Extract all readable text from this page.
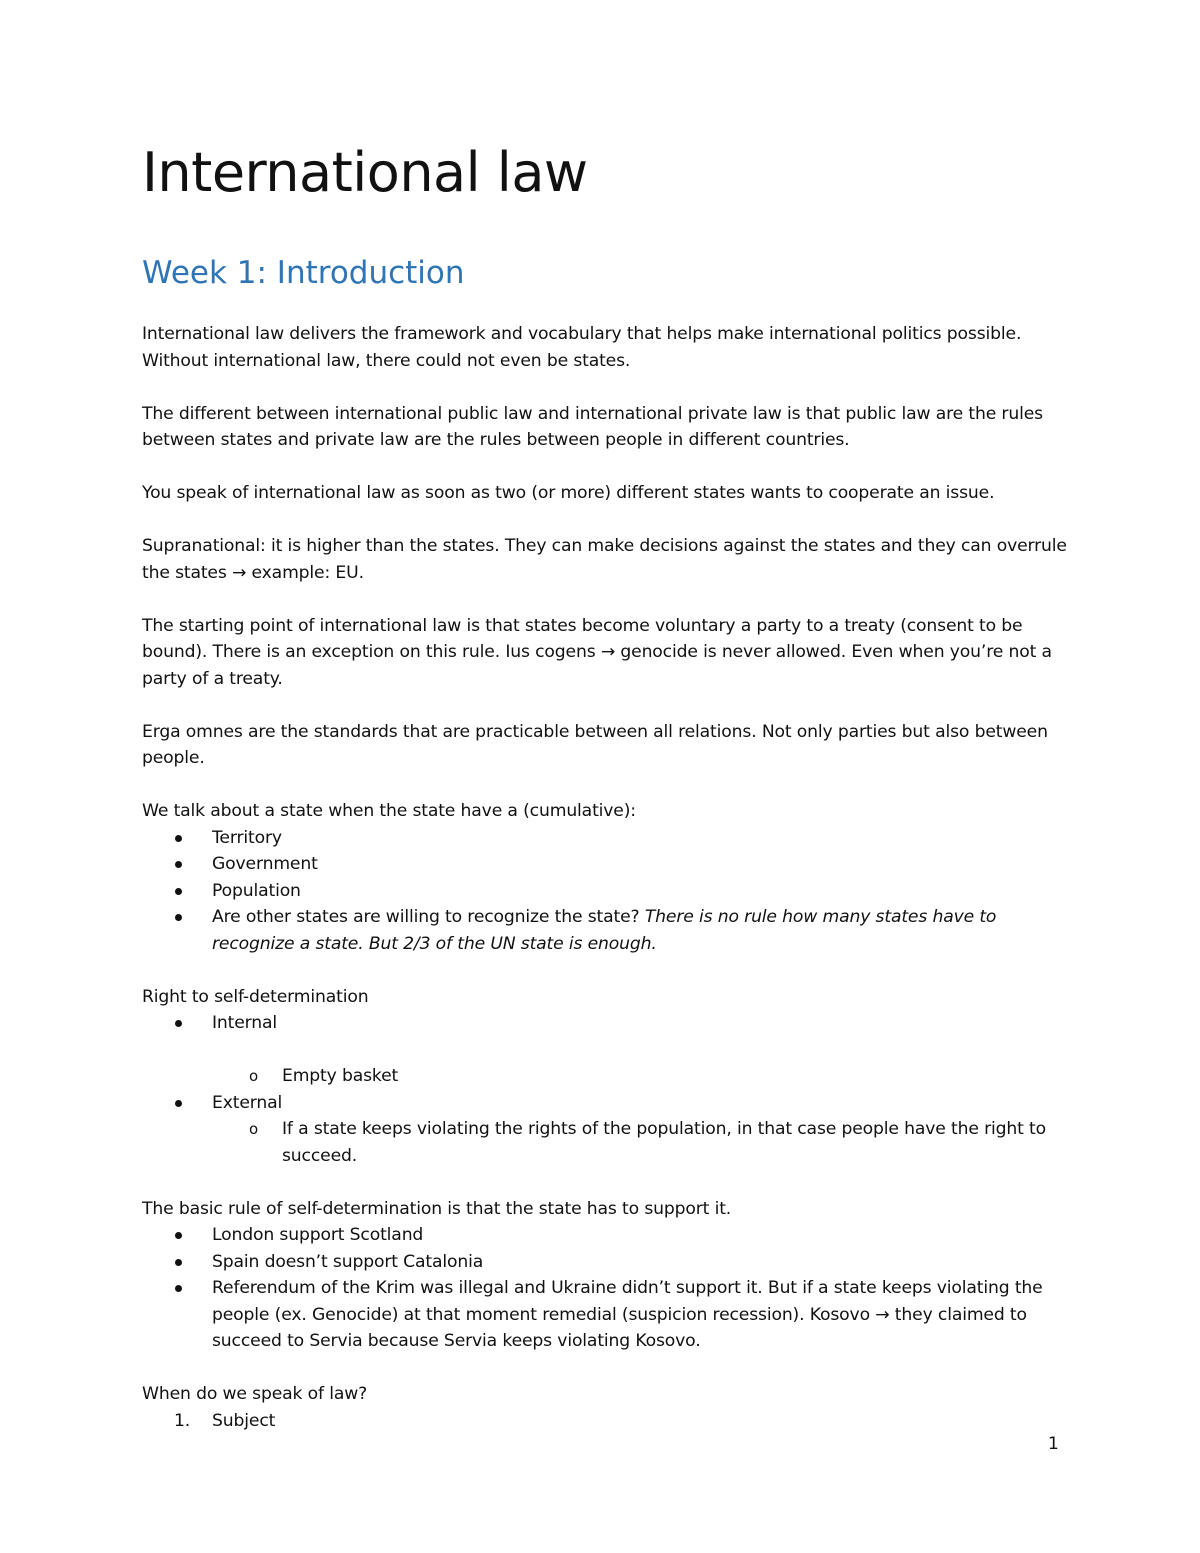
International law
Week 1: Introduction

International law delivers the framework and vocabulary that helps make international politics possible. Without international law, there could not even be states.

The different between international public law and international private law is that public law are the rules between states and private law are the rules between people in different countries.

You speak of international law as soon as two (or more) different states wants to cooperate an issue.

Supranational: it is higher than the states. They can make decisions against the states and they can overrule the states → example: EU.

The starting point of international law is that states become voluntary a party to a treaty (consent to be bound). There is an exception on this rule. Ius cogens → genocide is never allowed. Even when you’re not a party of a treaty.

Erga omnes are the standards that are practicable between all relations. Not only parties but also between people.

We talk about a state when the state have a (cumulative):

Territory
Government
Population
Are other states are willing to recognize the state? There is no rule how many states have to recognize a state. But 2/3 of the UN state is enough.

Right to self-determination

Internal
o Empty basket
External
o If a state keeps violating the rights of the population, in that case people have the right to succeed.

The basic rule of self-determination is that the state has to support it.

London support Scotland
Spain doesn’t support Catalonia
Referendum of the Krim was illegal and Ukraine didn’t support it. But if a state keeps violating the people (ex. Genocide) at that moment remedial (suspicion recession). Kosovo → they claimed to succeed to Servia because Servia keeps violating Kosovo.

When do we speak of law?

1. Subject
1
